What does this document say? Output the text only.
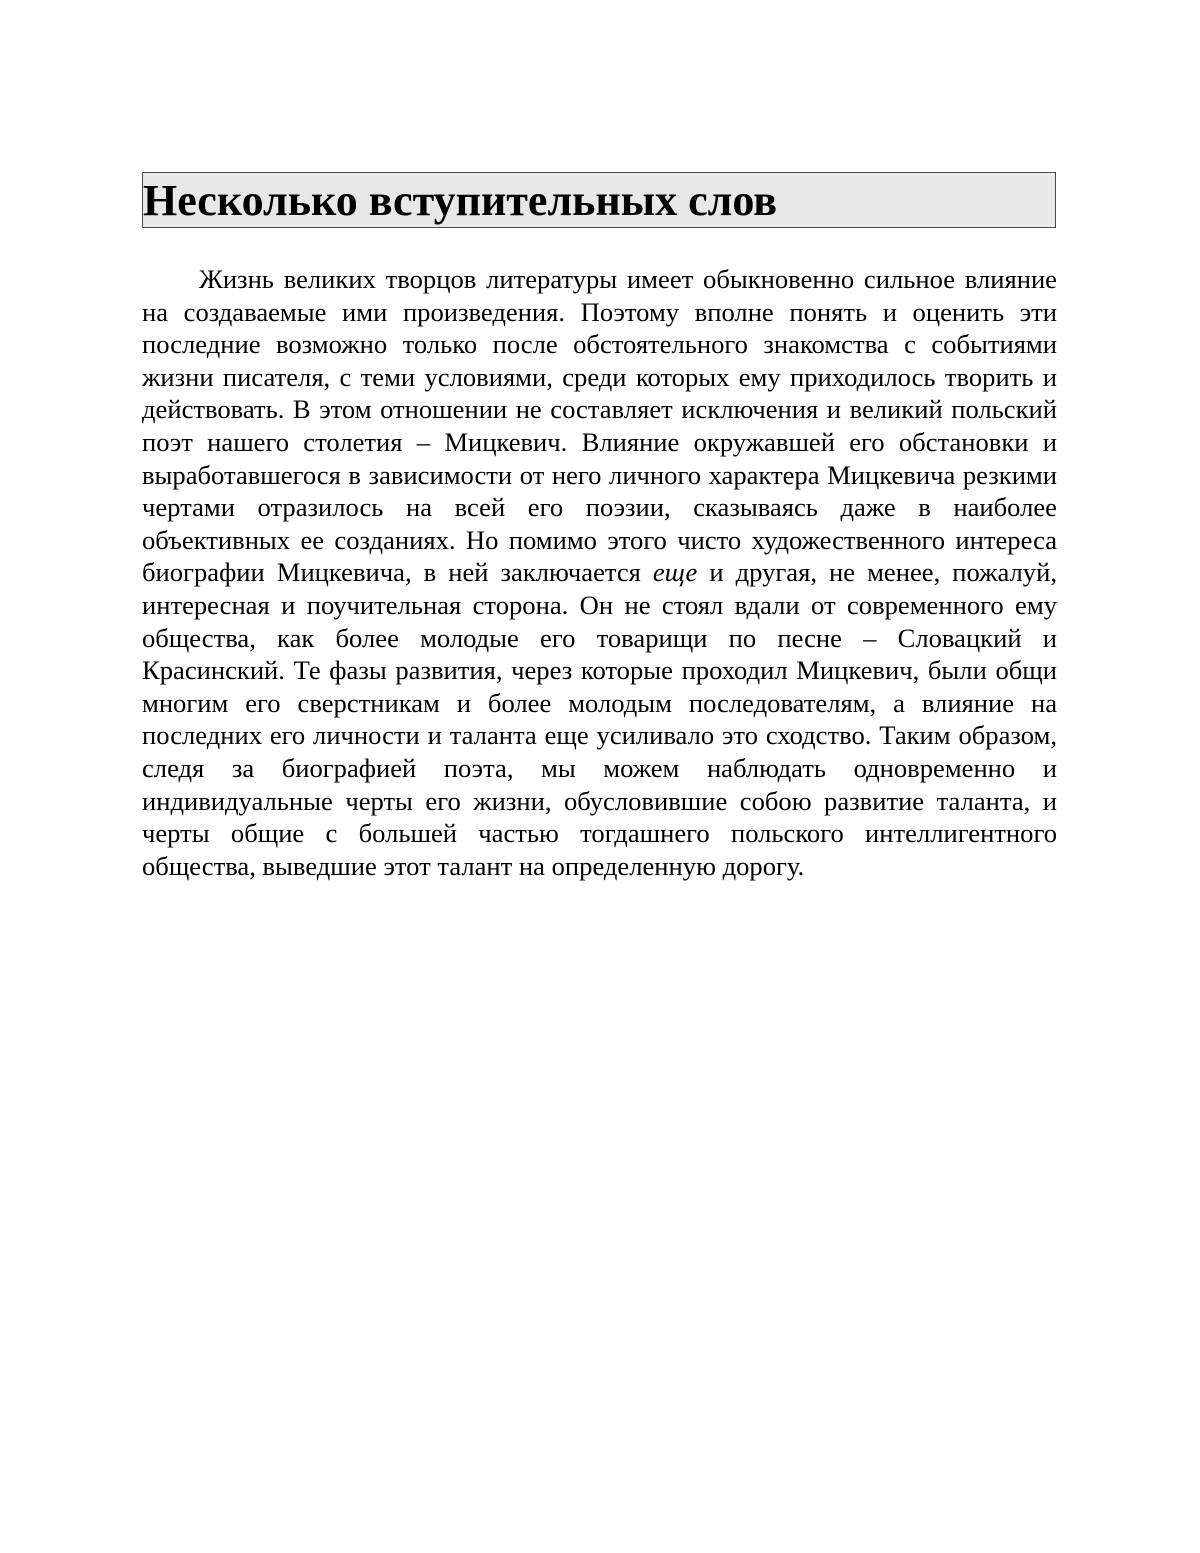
Несколько вступительных слов

Жизнь великих творцов литературы имеет обыкновенно сильное влияние на создаваемые ими произведения. Поэтому вполне понять и оценить эти последние возможно только после обстоятельного знакомства с событиями жизни писателя, с теми условиями, среди которых ему приходилось творить и действовать. В этом отношении не составляет исключения и великий польский поэт нашего столетия – Мицкевич. Влияние окружавшей его обстановки и выработавшегося в зависимости от него личного характера Мицкевича резкими чертами отразилось на всей его поэзии, сказываясь даже в наиболее объективных ее созданиях. Но помимо этого чисто художественного интереса биографии Мицкевича, в ней заключается еще и другая, не менее, пожалуй, интересная и поучительная сторона. Он не стоял вдали от современного ему общества, как более молодые его товарищи по песне – Словацкий и Красинский. Те фазы развития, через которые проходил Мицкевич, были общи многим его сверстникам и более молодым последователям, а влияние на последних его личности и таланта еще усиливало это сходство. Таким образом, следя за биографией поэта, мы можем наблюдать одновременно и индивидуальные черты его жизни, обусловившие собою развитие таланта, и черты общие с большей частью тогдашнего польского интеллигентного общества, выведшие этот талант на определенную дорогу.
